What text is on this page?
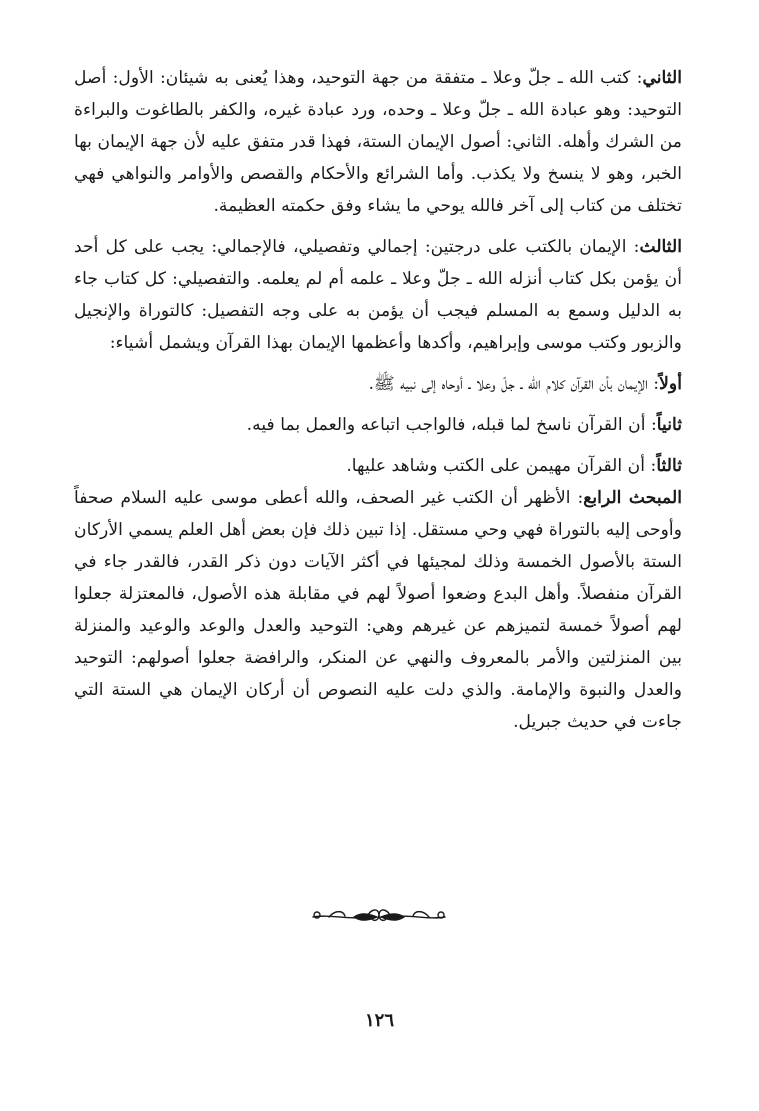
الثاني: كتب الله ـ جلّ وعلا ـ متفقة من جهة التوحيد، وهذا يُعنى به شيئان: الأول: أصل التوحيد: وهو عبادة الله ـ جلّ وعلا ـ وحده، ورد عبادة غيره، والكفر بالطاغوت والبراءة من الشرك وأهله. الثاني: أصول الإيمان الستة، فهذا قدر متفق عليه لأن جهة الإيمان بها الخبر، وهو لا ينسخ ولا يكذب. وأما الشرائع والأحكام والقصص والأوامر والنواهي فهي تختلف من كتاب إلى آخر فالله يوحي ما يشاء وفق حكمته العظيمة.

الثالث: الإيمان بالكتب على درجتين: إجمالي وتفصيلي، فالإجمالي: يجب على كل أحد أن يؤمن بكل كتاب أنزله الله ـ جلّ وعلا ـ علمه أم لم يعلمه. والتفصيلي: كل كتاب جاء به الدليل وسمع به المسلم فيجب أن يؤمن به على وجه التفصيل: كالتوراة والإنجيل والزبور وكتب موسى وإبراهيم، وأكدها وأعظمها الإيمان بهذا القرآن ويشمل أشياء:

أولاً: الإيمان بأن القرآن كلام الله ـ جلّ وعلا ـ أوحاه إلى نبيه ﷺ.

ثانياً: أن القرآن ناسخ لما قبله، فالواجب اتباعه والعمل بما فيه.

ثالثاً: أن القرآن مهيمن على الكتب وشاهد عليها.

المبحث الرابع: الأظهر أن الكتب غير الصحف، والله أعطى موسى عليه السلام صحفاً وأوحى إليه بالتوراة فهي وحي مستقل. إذا تبين ذلك فإن بعض أهل العلم يسمي الأركان الستة بالأصول الخمسة وذلك لمجيئها في أكثر الآيات دون ذكر القدر، فالقدر جاء في القرآن منفصلاً. وأهل البدع وضعوا أصولاً لهم في مقابلة هذه الأصول، فالمعتزلة جعلوا لهم أصولاً خمسة لتميزهم عن غيرهم وهي: التوحيد والعدل والوعد والوعيد والمنزلة بين المنزلتين والأمر بالمعروف والنهي عن المنكر، والرافضة جعلوا أصولهم: التوحيد والعدل والنبوة والإمامة. والذي دلت عليه النصوص أن أركان الإيمان هي الستة التي جاءت في حديث جبريل.

١٢٦
